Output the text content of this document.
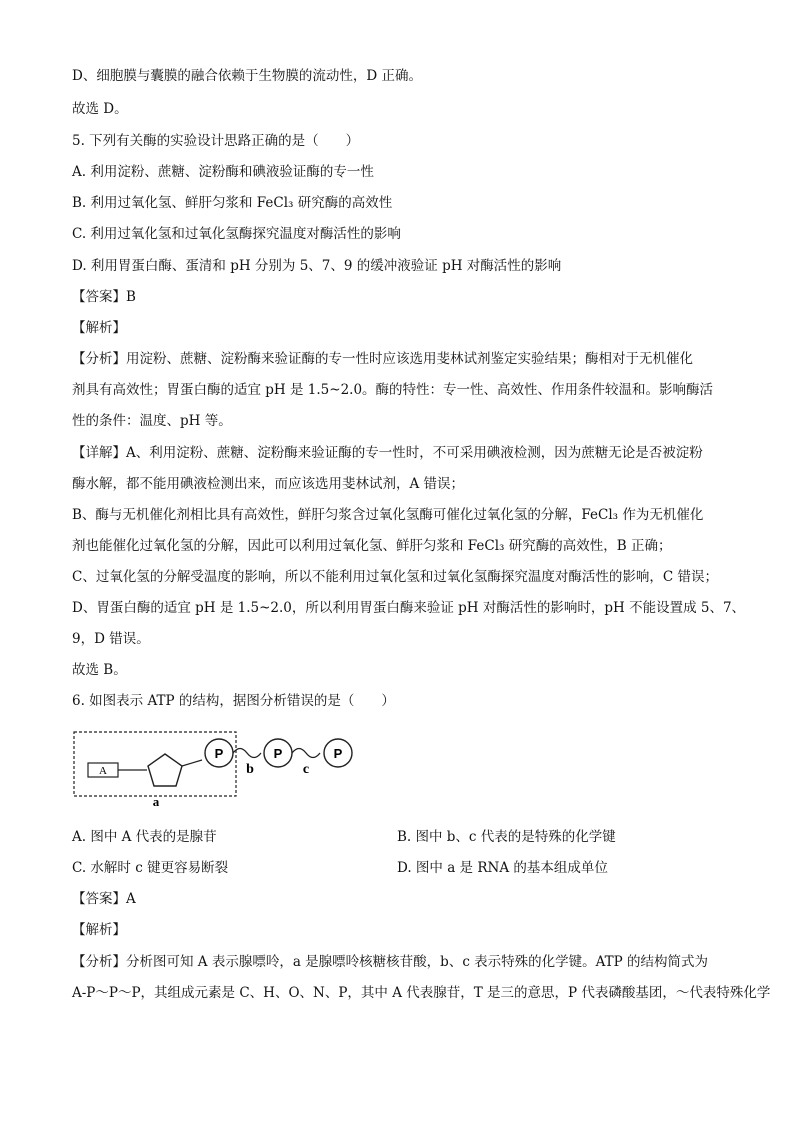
D、细胞膜与囊膜的融合依赖于生物膜的流动性，D 正确。
故选 D。
5. 下列有关酶的实验设计思路正确的是（　　）
A. 利用淀粉、蔗糖、淀粉酶和碘液验证酶的专一性
B. 利用过氧化氢、鲜肝匀浆和 FeCl₃ 研究酶的高效性
C. 利用过氧化氢和过氧化氢酶探究温度对酶活性的影响
D. 利用胃蛋白酶、蛋清和 pH 分别为 5、7、9 的缓冲液验证 pH 对酶活性的影响
【答案】B
【解析】
【分析】用淀粉、蔗糖、淀粉酶来验证酶的专一性时应该选用斐林试剂鉴定实验结果；酶相对于无机催化
剂具有高效性；胃蛋白酶的适宜 pH 是 1.5~2.0。酶的特性：专一性、高效性、作用条件较温和。影响酶活
性的条件：温度、pH 等。
【详解】A、利用淀粉、蔗糖、淀粉酶来验证酶的专一性时，不可采用碘液检测，因为蔗糖无论是否被淀粉
酶水解，都不能用碘液检测出来，而应该选用斐林试剂，A 错误；
B、酶与无机催化剂相比具有高效性，鲜肝匀浆含过氧化氢酶可催化过氧化氢的分解，FeCl₃ 作为无机催化
剂也能催化过氧化氢的分解，因此可以利用过氧化氢、鲜肝匀浆和 FeCl₃ 研究酶的高效性，B 正确；
C、过氧化氢的分解受温度的影响，所以不能利用过氧化氢和过氧化氢酶探究温度对酶活性的影响，C 错误；
D、胃蛋白酶的适宜 pH 是 1.5~2.0，所以利用胃蛋白酶来验证 pH 对酶活性的影响时，pH 不能设置成 5、7、
9，D 错误。
故选 B。
6. 如图表示 ATP 的结构，据图分析错误的是（　　）
A
P	P	P
b	c
a
A. 图中 A 代表的是腺苷	B. 图中 b、c 代表的是特殊的化学键
C. 水解时 c 键更容易断裂	D. 图中 a 是 RNA 的基本组成单位
【答案】A
【解析】
【分析】分析图可知 A 表示腺嘌呤，a 是腺嘌呤核糖核苷酸，b、c 表示特殊的化学键。ATP 的结构简式为
A-P～P～P，其组成元素是 C、H、O、N、P，其中 A 代表腺苷，T 是三的意思，P 代表磷酸基团，～代表特殊化学
